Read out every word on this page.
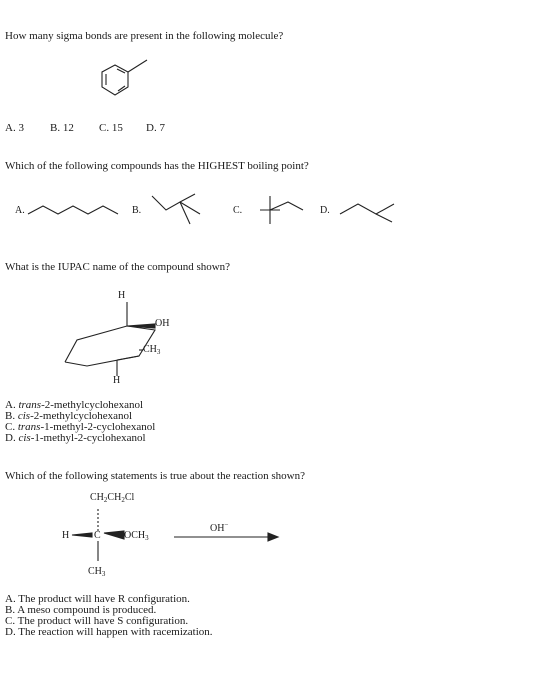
How many sigma bonds are present in the following molecule?
A. 3 B. 12 C. 15 D. 7
Which of the following compounds has the HIGHEST boiling point?
A.	B.	C.	D.
What is the IUPAC name of the compound shown?
H
OH
$CH_3$
H
A. trans-2-methylcyclohexanol
B. cis-2-methylcyclohexanol
C. trans-1-methyl-2-cyclohexanol
D. cis-1-methyl-2-cyclohexanol
Which of the following statements is true about the reaction shown?
$CH_2CH_2Cl$
H C $OCH_3$
$CH_3$
OH−
A. The product will have R configuration.
B. A meso compound is produced.
C. The product will have S configuration.
D. The reaction will happen with racemization.
